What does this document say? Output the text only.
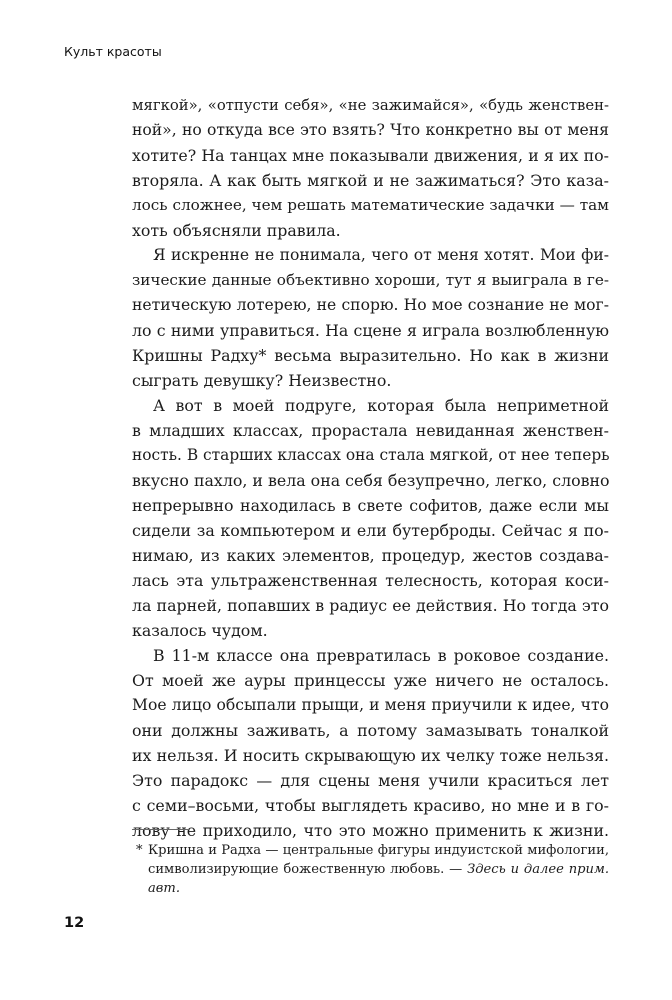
Культ красоты
мягкой», «отпусти себя», «не зажимайся», «будь женствен-
ной», но откуда все это взять? Что конкретно вы от меня
хотите? На танцах мне показывали движения, и я их по-
вторяла. А как быть мягкой и не зажиматься? Это каза-
лось сложнее, чем решать математические задачки — там
хоть объясняли правила.
Я искренне не понимала, чего от меня хотят. Мои фи-
зические данные объективно хороши, тут я выиграла в ге-
нетическую лотерею, не спорю. Но мое сознание не мог-
ло с ними управиться. На сцене я играла возлюбленную
Кришны Радху* весьма выразительно. Но как в жизни
сыграть девушку? Неизвестно.
А вот в моей подруге, которая была неприметной
в младших классах, прорастала невиданная женствен-
ность. В старших классах она стала мягкой, от нее теперь
вкусно пахло, и вела она себя безупречно, легко, словно
непрерывно находилась в свете софитов, даже если мы
сидели за компьютером и ели бутерброды. Сейчас я по-
нимаю, из каких элементов, процедур, жестов создава-
лась эта ультраженственная телесность, которая коси-
ла парней, попавших в радиус ее действия. Но тогда это
казалось чудом.
В 11-м классе она превратилась в роковое создание.
От моей же ауры принцессы уже ничего не осталось.
Мое лицо обсыпали прыщи, и меня приучили к идее, что
они должны заживать, а потому замазывать тоналкой
их нельзя. И носить скрывающую их челку тоже нельзя.
Это парадокс — для сцены меня учили краситься лет
с семи–восьми, чтобы выглядеть красиво, но мне и в го-
лову не приходило, что это можно применить к жизни.
* Кришна и Радха — центральные фигуры индуистской мифологии,
символизирующие божественную любовь. — Здесь и далее прим.
авт.
12
